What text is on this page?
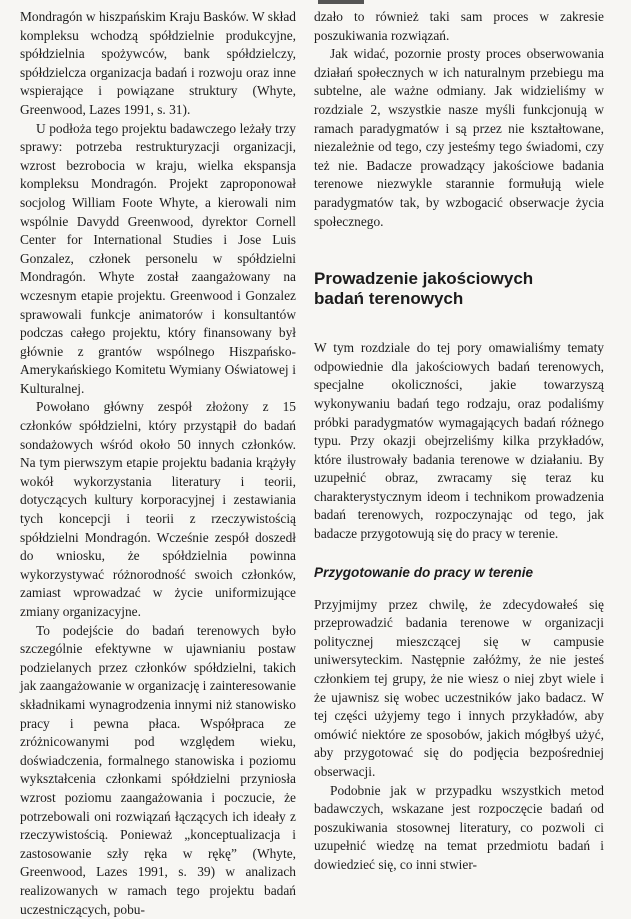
Mondragón w hiszpańskim Kraju Basków. W skład kompleksu wchodzą spółdzielnie produkcyjne, spółdzielnia spożywców, bank spółdzielczy, spółdzielcza organizacja badań i rozwoju oraz inne wspierające i powiązane struktury (Whyte, Greenwood, Lazes 1991, s. 31).

U podłoża tego projektu badawczego leżały trzy sprawy: potrzeba restrukturyzacji organizacji, wzrost bezrobocia w kraju, wielka ekspansja kompleksu Mondragón. Projekt zaproponował socjolog William Foote Whyte, a kierowali nim wspólnie Davydd Greenwood, dyrektor Cornell Center for International Studies i Jose Luis Gonzalez, członek personelu w spółdzielni Mondragón. Whyte został zaangażowany na wczesnym etapie projektu. Greenwood i Gonzalez sprawowali funkcje animatorów i konsultantów podczas całego projektu, który finansowany był głównie z grantów wspólnego Hiszpańsko-Amerykańskiego Komitetu Wymiany Oświatowej i Kulturalnej.

Powołano główny zespół złożony z 15 członków spółdzielni, który przystąpił do badań sondażowych wśród około 50 innych członków. Na tym pierwszym etapie projektu badania krążyły wokół wykorzystania literatury i teorii, dotyczących kultury korporacyjnej i zestawiania tych koncepcji i teorii z rzeczywistością spółdzielni Mondragón. Wcześnie zespół doszedł do wniosku, że spółdzielnia powinna wykorzystywać różnorodność swoich członków, zamiast wprowadzać w życie uniformizujące zmiany organizacyjne.

To podejście do badań terenowych było szczególnie efektywne w ujawnianiu postaw podzielanych przez członków spółdzielni, takich jak zaangażowanie w organizację i zainteresowanie składnikami wynagrodzenia innymi niż stanowisko pracy i pewna płaca. Współpraca ze zróżnicowanymi pod względem wieku, doświadczenia, formalnego stanowiska i poziomu wykształcenia członkami spółdzielni przyniosła wzrost poziomu zaangażowania i poczucie, że potrzebowali oni rozwiązań łączących ich ideały z rzeczywistością. Ponieważ „konceptualizacja i zastosowanie szły ręka w rękę” (Whyte, Greenwood, Lazes 1991, s. 39) w analizach realizowanych w ramach tego projektu badań uczestniczących, pobu-

dzało to również taki sam proces w zakresie poszukiwania rozwiązań.

Jak widać, pozornie prosty proces obserwowania działań społecznych w ich naturalnym przebiegu ma subtelne, ale ważne odmiany. Jak widzieliśmy w rozdziale 2, wszystkie nasze myśli funkcjonują w ramach paradygmatów i są przez nie kształtowane, niezależnie od tego, czy jesteśmy tego świadomi, czy też nie. Badacze prowadzący jakościowe badania terenowe niezwykle starannie formułują wiele paradygmatów tak, by wzbogacić obserwacje życia społecznego.

Prowadzenie jakościowych badań terenowych

W tym rozdziale do tej pory omawialiśmy tematy odpowiednie dla jakościowych badań terenowych, specjalne okoliczności, jakie towarzyszą wykonywaniu badań tego rodzaju, oraz podaliśmy próbki paradygmatów wymagających badań różnego typu. Przy okazji obejrzeliśmy kilka przykładów, które ilustrowały badania terenowe w działaniu. By uzupełnić obraz, zwracamy się teraz ku charakterystycznym ideom i technikom prowadzenia badań terenowych, rozpoczynając od tego, jak badacze przygotowują się do pracy w terenie.

Przygotowanie do pracy w terenie

Przyjmijmy przez chwilę, że zdecydowałeś się przeprowadzić badania terenowe w organizacji politycznej mieszczącej się w campusie uniwersyteckim. Następnie załóżmy, że nie jesteś członkiem tej grupy, że nie wiesz o niej zbyt wiele i że ujawnisz się wobec uczestników jako badacz. W tej części użyjemy tego i innych przykładów, aby omówić niektóre ze sposobów, jakich mógłbyś użyć, aby przygotować się do podjęcia bezpośredniej obserwacji.

Podobnie jak w przypadku wszystkich metod badawczych, wskazane jest rozpoczęcie badań od poszukiwania stosownej literatury, co pozwoli ci uzupełnić wiedzę na temat przedmiotu badań i dowiedzieć się, co inni stwier-
